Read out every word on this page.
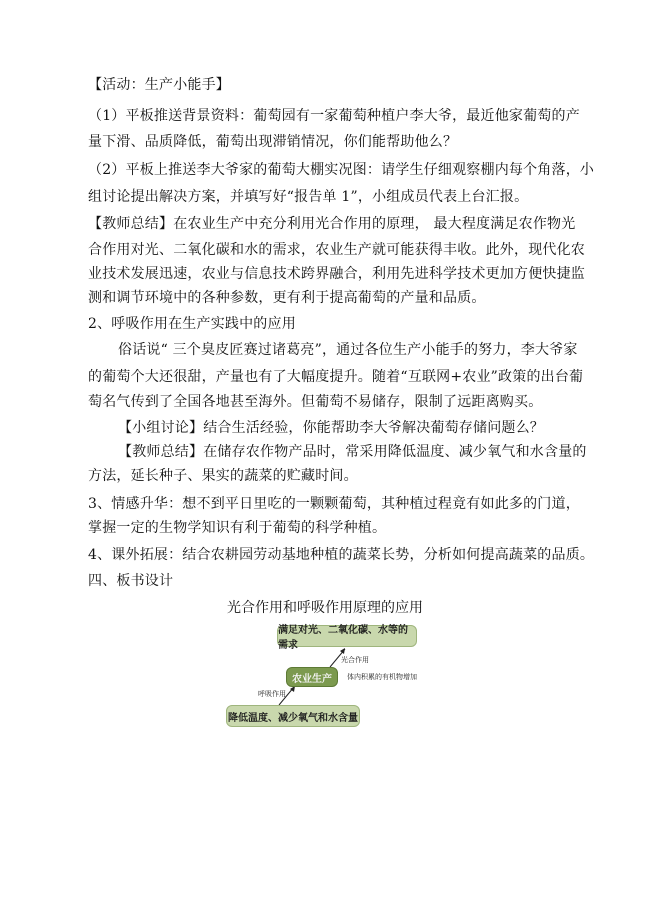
【活动：生产小能手】
（1）平板推送背景资料：葡萄园有一家葡萄种植户李大爷，最近他家葡萄的产
量下滑、品质降低，葡萄出现滞销情况，你们能帮助他么？
（2）平板上推送李大爷家的葡萄大棚实况图：请学生仔细观察棚内每个角落，小
组讨论提出解决方案，并填写好“报告单 1”，小组成员代表上台汇报。
【教师总结】在农业生产中充分利用光合作用的原理， 最大程度满足农作物光
合作用对光、二氧化碳和水的需求，农业生产就可能获得丰收。此外，现代化农
业技术发展迅速，农业与信息技术跨界融合，利用先进科学技术更加方便快捷监
测和调节环境中的各种参数，更有利于提高葡萄的产量和品质。
2、呼吸作用在生产实践中的应用
俗话说“ 三个臭皮匠赛过诸葛亮”，通过各位生产小能手的努力，李大爷家
的葡萄个大还很甜，产量也有了大幅度提升。随着“互联网+农业”政策的出台葡
萄名气传到了全国各地甚至海外。但葡萄不易储存，限制了远距离购买。
【小组讨论】结合生活经验，你能帮助李大爷解决葡萄存储问题么？
【教师总结】在储存农作物产品时，常采用降低温度、减少氧气和水含量的
方法，延长种子、果实的蔬菜的贮藏时间。
3、情感升华：想不到平日里吃的一颗颗葡萄，其种植过程竟有如此多的门道，
掌握一定的生物学知识有利于葡萄的科学种植。
4、课外拓展：结合农耕园劳动基地种植的蔬菜长势，分析如何提高蔬菜的品质。
四、板书设计
光合作用和呼吸作用原理的应用
满足对光、二氧化碳、水等的需求
农业生产
降低温度、减少氧气和水含量
光合作用
体内积累的有机物增加
呼吸作用
